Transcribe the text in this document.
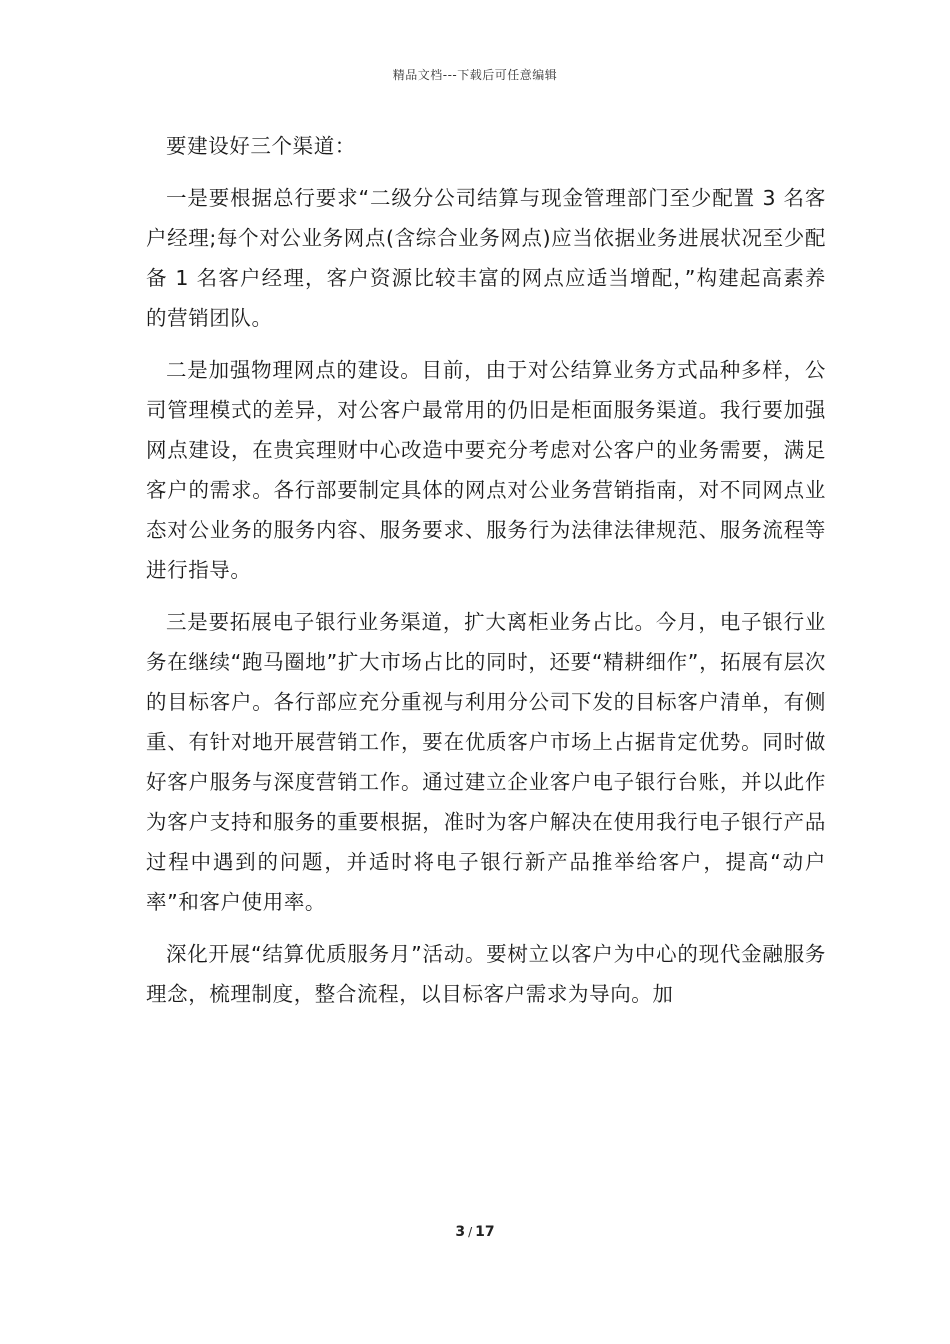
精品文档---下载后可任意编辑

要建设好三个渠道：

一是要根据总行要求“二级分公司结算与现金管理部门至少配置 3 名客户经理;每个对公业务网点(含综合业务网点)应当依据业务进展状况至少配备 1 名客户经理，客户资源比较丰富的网点应适当增配，”构建起高素养的营销团队。

二是加强物理网点的建设。目前，由于对公结算业务方式品种多样，公司管理模式的差异，对公客户最常用的仍旧是柜面服务渠道。我行要加强网点建设，在贵宾理财中心改造中要充分考虑对公客户的业务需要，满足客户的需求。各行部要制定具体的网点对公业务营销指南，对不同网点业态对公业务的服务内容、服务要求、服务行为法律法律规范、服务流程等进行指导。

三是要拓展电子银行业务渠道，扩大离柜业务占比。今月，电子银行业务在继续“跑马圈地”扩大市场占比的同时，还要“精耕细作”，拓展有层次的目标客户。各行部应充分重视与利用分公司下发的目标客户清单，有侧重、有针对地开展营销工作，要在优质客户市场上占据肯定优势。同时做好客户服务与深度营销工作。通过建立企业客户电子银行台账，并以此作为客户支持和服务的重要根据，准时为客户解决在使用我行电子银行产品过程中遇到的问题，并适时将电子银行新产品推举给客户，提高“动户率”和客户使用率。

深化开展“结算优质服务月”活动。要树立以客户为中心的现代金融服务理念，梳理制度，整合流程，以目标客户需求为导向。加

3 / 17
